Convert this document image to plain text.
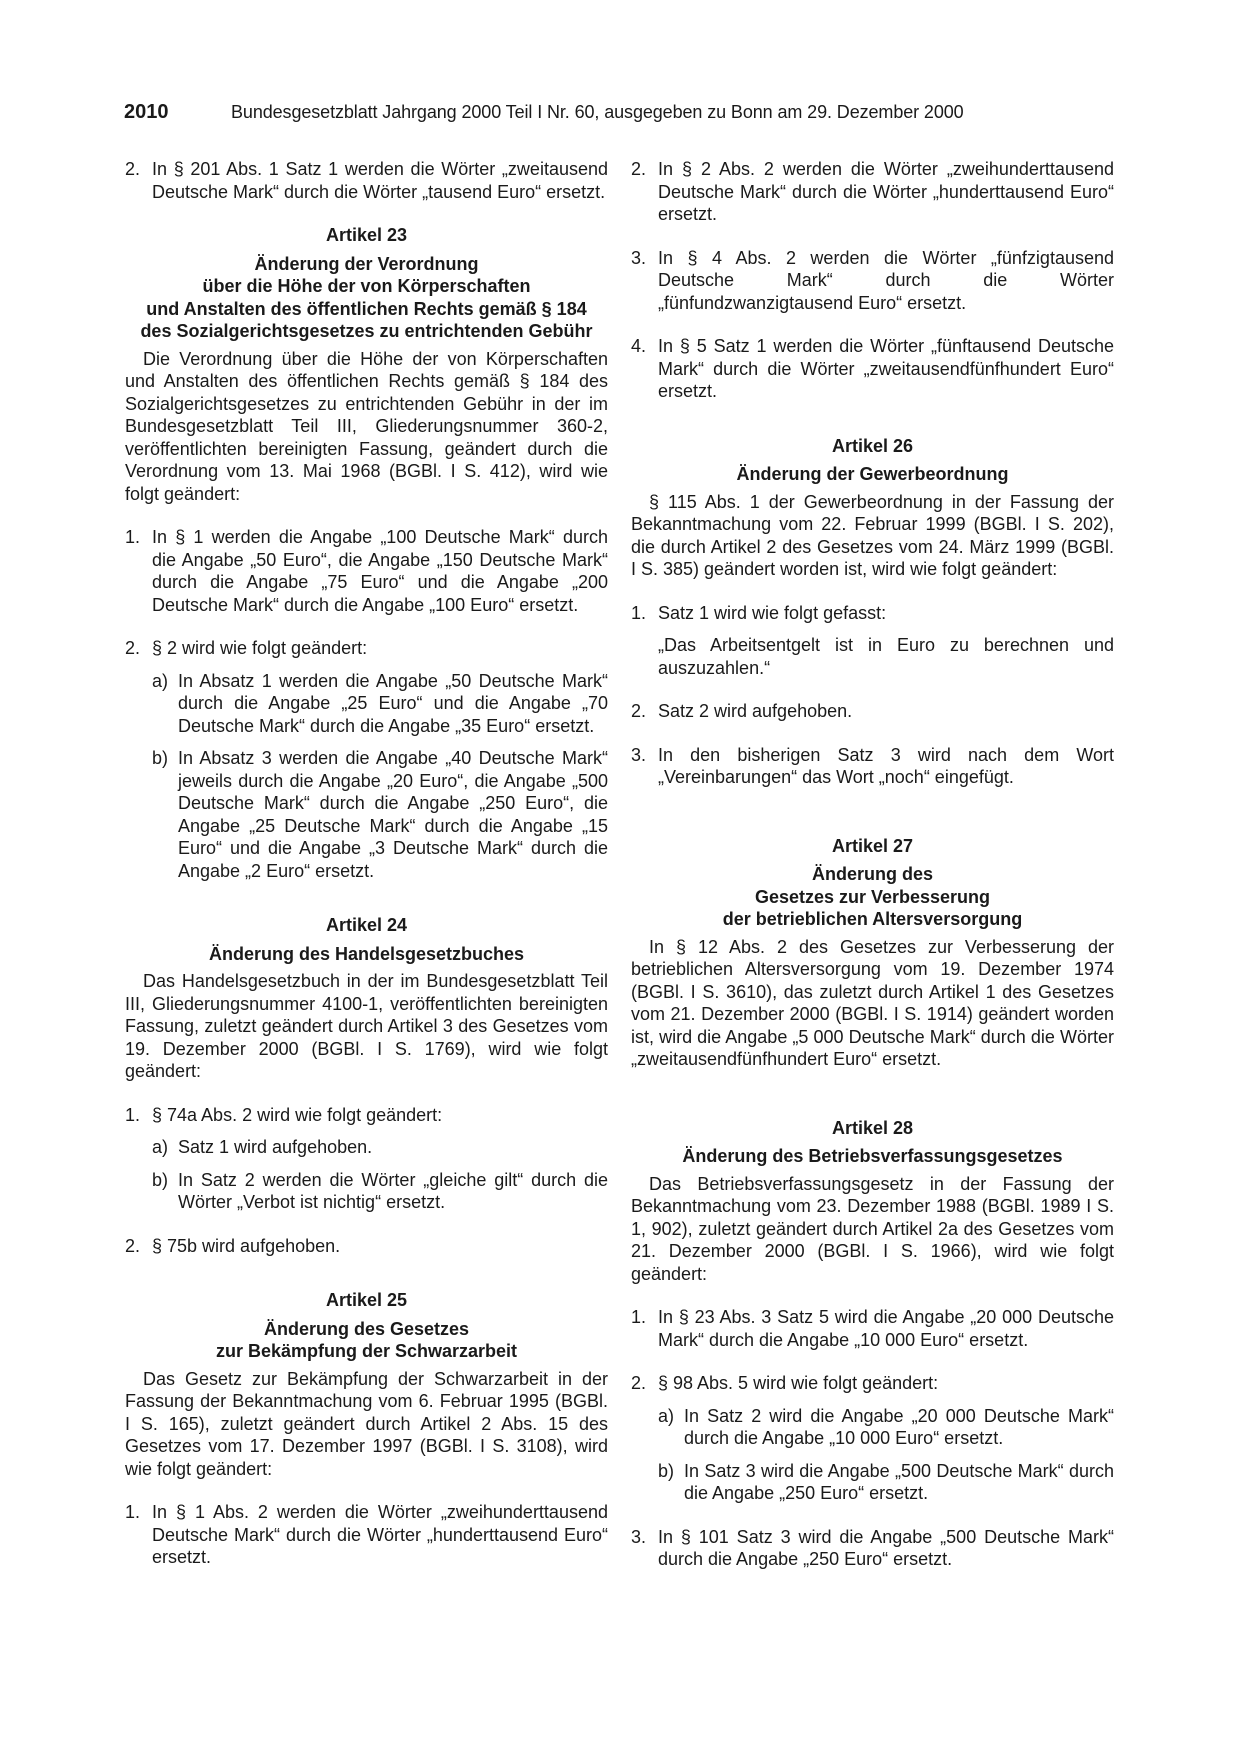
2010	Bundesgesetzblatt Jahrgang 2000 Teil I Nr. 60, ausgegeben zu Bonn am 29. Dezember 2000
2. In § 201 Abs. 1 Satz 1 werden die Wörter „zweitausend Deutsche Mark“ durch die Wörter „tausend Euro“ ersetzt.
Artikel 23
Änderung der Verordnung
über die Höhe der von Körperschaften
und Anstalten des öffentlichen Rechts gemäß § 184
des Sozialgerichtsgesetzes zu entrichtenden Gebühr

Die Verordnung über die Höhe der von Körperschaften und Anstalten des öffentlichen Rechts gemäß § 184 des Sozialgerichtsgesetzes zu entrichtenden Gebühr in der im Bundesgesetzblatt Teil III, Gliederungsnummer 360-2, veröffentlichten bereinigten Fassung, geändert durch die Verordnung vom 13. Mai 1968 (BGBl. I S. 412), wird wie folgt geändert:

1. In § 1 werden die Angabe „100 Deutsche Mark“ durch die Angabe „50 Euro“, die Angabe „150 Deutsche Mark“ durch die Angabe „75 Euro“ und die Angabe „200 Deutsche Mark“ durch die Angabe „100 Euro“ ersetzt.
2. § 2 wird wie folgt geändert:
a) In Absatz 1 werden die Angabe „50 Deutsche Mark“ durch die Angabe „25 Euro“ und die Angabe „70 Deutsche Mark“ durch die Angabe „35 Euro“ ersetzt.
b) In Absatz 3 werden die Angabe „40 Deutsche Mark“ jeweils durch die Angabe „20 Euro“, die Angabe „500 Deutsche Mark“ durch die Angabe „250 Euro“, die Angabe „25 Deutsche Mark“ durch die Angabe „15 Euro“ und die Angabe „3 Deutsche Mark“ durch die Angabe „2 Euro“ ersetzt.
Artikel 24
Änderung des Handelsgesetzbuches

Das Handelsgesetzbuch in der im Bundesgesetzblatt Teil III, Gliederungsnummer 4100-1, veröffentlichten bereinigten Fassung, zuletzt geändert durch Artikel 3 des Gesetzes vom 19. Dezember 2000 (BGBl. I S. 1769), wird wie folgt geändert:

1. § 74a Abs. 2 wird wie folgt geändert:
a) Satz 1 wird aufgehoben.
b) In Satz 2 werden die Wörter „gleiche gilt“ durch die Wörter „Verbot ist nichtig“ ersetzt.
2. § 75b wird aufgehoben.
Artikel 25
Änderung des Gesetzes
zur Bekämpfung der Schwarzarbeit

Das Gesetz zur Bekämpfung der Schwarzarbeit in der Fassung der Bekanntmachung vom 6. Februar 1995 (BGBl. I S. 165), zuletzt geändert durch Artikel 2 Abs. 15 des Gesetzes vom 17. Dezember 1997 (BGBl. I S. 3108), wird wie folgt geändert:

1. In § 1 Abs. 2 werden die Wörter „zweihunderttausend Deutsche Mark“ durch die Wörter „hunderttausend Euro“ ersetzt.
2. In § 2 Abs. 2 werden die Wörter „zweihunderttausend Deutsche Mark“ durch die Wörter „hunderttausend Euro“ ersetzt.
3. In § 4 Abs. 2 werden die Wörter „fünfzigtausend Deutsche Mark“ durch die Wörter „fünfundzwanzigtausend Euro“ ersetzt.
4. In § 5 Satz 1 werden die Wörter „fünftausend Deutsche Mark“ durch die Wörter „zweitausendfünfhundert Euro“ ersetzt.
Artikel 26
Änderung der Gewerbeordnung

§ 115 Abs. 1 der Gewerbeordnung in der Fassung der Bekanntmachung vom 22. Februar 1999 (BGBl. I S. 202), die durch Artikel 2 des Gesetzes vom 24. März 1999 (BGBl. I S. 385) geändert worden ist, wird wie folgt geändert:

1. Satz 1 wird wie folgt gefasst:

„Das Arbeitsentgelt ist in Euro zu berechnen und auszuzahlen.“

2. Satz 2 wird aufgehoben.
3. In den bisherigen Satz 3 wird nach dem Wort „Vereinbarungen“ das Wort „noch“ eingefügt.
Artikel 27
Änderung des
Gesetzes zur Verbesserung
der betrieblichen Altersversorgung

In § 12 Abs. 2 des Gesetzes zur Verbesserung der betrieblichen Altersversorgung vom 19. Dezember 1974 (BGBl. I S. 3610), das zuletzt durch Artikel 1 des Gesetzes vom 21. Dezember 2000 (BGBl. I S. 1914) geändert worden ist, wird die Angabe „5 000 Deutsche Mark“ durch die Wörter „zweitausendfünfhundert Euro“ ersetzt.

Artikel 28
Änderung des Betriebsverfassungsgesetzes

Das Betriebsverfassungsgesetz in der Fassung der Bekanntmachung vom 23. Dezember 1988 (BGBl. 1989 I S. 1, 902), zuletzt geändert durch Artikel 2a des Gesetzes vom 21. Dezember 2000 (BGBl. I S. 1966), wird wie folgt geändert:

1. In § 23 Abs. 3 Satz 5 wird die Angabe „20 000 Deutsche Mark“ durch die Angabe „10 000 Euro“ ersetzt.
2. § 98 Abs. 5 wird wie folgt geändert:
a) In Satz 2 wird die Angabe „20 000 Deutsche Mark“ durch die Angabe „10 000 Euro“ ersetzt.
b) In Satz 3 wird die Angabe „500 Deutsche Mark“ durch die Angabe „250 Euro“ ersetzt.
3. In § 101 Satz 3 wird die Angabe „500 Deutsche Mark“ durch die Angabe „250 Euro“ ersetzt.
